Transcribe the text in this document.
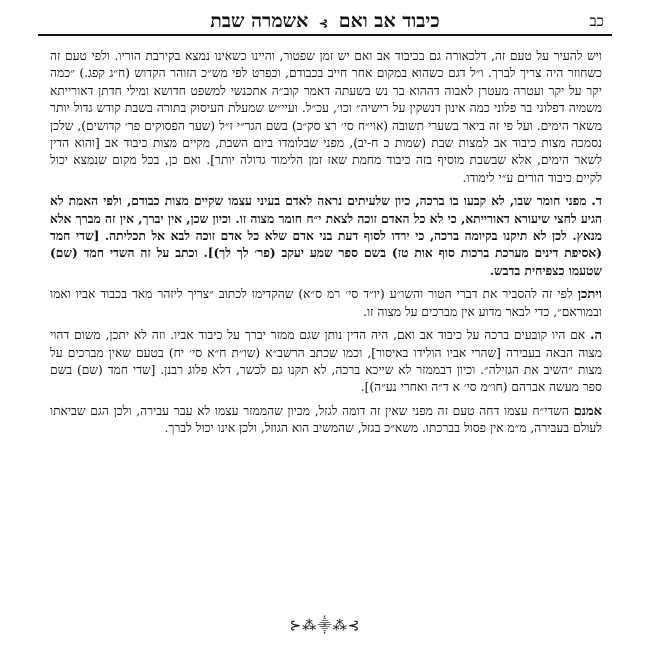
כב
כיבוד אב ואם ⊱ אשמרה שבת

ויש להעיר על טעם זה, דלכאורה גם בכיבוד אב ואם יש זמן שפטור, והיינו כשאינו נמצא בקירבת הוריו. ולפי טעם זה כשחוזר היה צריך לברך. ו״ל דגם כשהוא במקום אחר חייב בכבודם, וכפרט לפי מש״כ הזוהר הקדוש (ח״ג קפג.) ״כמה יקר על יקר ועטרה מעטרן לאבוה דההוא בר נש בשעתה דאמר קוב״ה אתכנשי למשפט חדושא ומילי חדתן דאורייתא משמיה דפלוני בר פלוני כמה אינון דנשקין על רישיה״ וכו׳, עכ״ל. ועיי״ש שמעלת העיסוק בתורה בשבת קודש גדול יותר משאר הימים. ועל פי זה ביאר בשערי תשובה (אוי״ח סי׳ רצ סק״ב) בשם הגר״י ז״ל (שער הפסוקים פר׳ קדושים), שלכן נסמכה מצות כיבוד אב למצות שבת (שמות כ ח-יב), מפני שבלומדו ביום השבת, מקיים מצות כיבוד אב [והוא הדין לשאר הימים, אלא שבשבת מוסיף בזה כיבוד מחמת שאז זמן הלימוד גדולה יותר]. ואם כן, בכל מקום שנמצא יכול לקיים כיבוד הורים ע״י לימודו.

ד. מפני חומר שבו, לא קבעו בו ברכה, כיון שלעיתים נראה לאדם בעיני עצמו שקיים מצות כבודם, ולפי האמת לא הגיע לחצי שיעורא דאורייתא, כי לא כל האדם זוכה לצאת י״ח חומר מצוה זו. וכיון שכן, אין יברך, אין זה מברך אלא מנאץ. לכן לא תיקנו בקיומה ברכה, כי ירדו לסוף דעת בני אדם שלא כל אדם זוכה לבא אל תכליתה. [שדי חמד (אסיפת דינים מערכת ברכות סוף אות טז) בשם ספר שמע יעקב (פר׳ לך לך)]. וכתב על זה השדי חמד (שם) שטעמו כצפיחית בדבש.

ויתכן לפי זה להסביר את דברי הטור והשו״ע (יו״ד סי׳ רמ ס״א) שהקדימו לכתוב ״צריך ליזהר מאד בכבוד אביו ואמו ובמוראם״, כדי לבאר מדוע אין מברכים על מצוה זו.

ה. אם היו קובעים ברכה על כיבוד אב ואם, היה הדין נותן שגם ממזר יברך על כיבוד אביו. וזה לא יתכן, משום דהוי מצוה הבאה בעבירה [שהרי אביו הולידו באיסור], וכמו שכתב הרשב״א (שו״ת ח״א סי׳ יח) בטעם שאין מברכים על מצות ״השיב את הגזילה״. וכיון דבממזר לא שייכא ברכה, לא תקנו גם לכשר, דלא פלוג רבנן. [שדי חמד (שם) בשם ספר מעשה אברהם (חו״מ סי׳ א ד״ה ואחרי נע״ה)].

אמנם השדי״ח עצמו דחה טעם זה מפני שאין זה דומה לגזל, מכיון שהממזר עצמו לא עבר עבירה, ולכן הגם שביאתו לעולם בעבירה, מ״מ אין פסול בברכתו. משא״כ בגזל, שהמשיב הוא הגוזל, ולכן אינו יכול לברך.

⊱⁂⸎⁂⊰
